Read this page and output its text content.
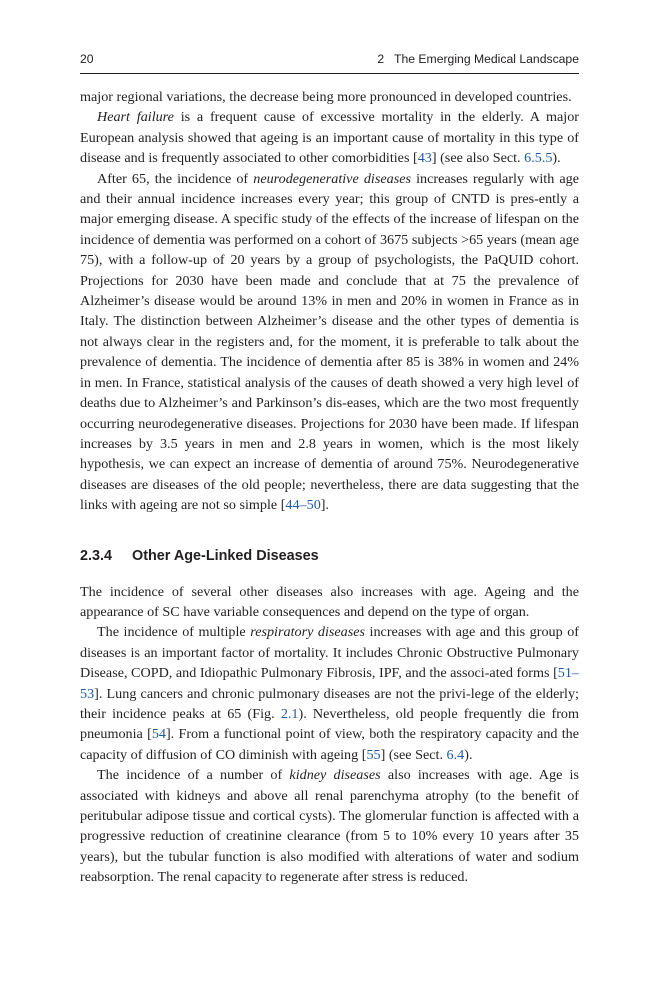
20	2   The Emerging Medical Landscape

major regional variations, the decrease being more pronounced in developed countries.

Heart failure is a frequent cause of excessive mortality in the elderly. A major European analysis showed that ageing is an important cause of mortality in this type of disease and is frequently associated to other comorbidities [43] (see also Sect. 6.5.5).

After 65, the incidence of neurodegenerative diseases increases regularly with age and their annual incidence increases every year; this group of CNTD is pres-ently a major emerging disease. A specific study of the effects of the increase of lifespan on the incidence of dementia was performed on a cohort of 3675 subjects >65 years (mean age 75), with a follow-up of 20 years by a group of psychologists, the PaQUID cohort. Projections for 2030 have been made and conclude that at 75 the prevalence of Alzheimer’s disease would be around 13% in men and 20% in women in France as in Italy. The distinction between Alzheimer’s disease and the other types of dementia is not always clear in the registers and, for the moment, it is preferable to talk about the prevalence of dementia. The incidence of dementia after 85 is 38% in women and 24% in men. In France, statistical analysis of the causes of death showed a very high level of deaths due to Alzheimer’s and Parkinson’s dis-eases, which are the two most frequently occurring neurodegenerative diseases. Projections for 2030 have been made. If lifespan increases by 3.5 years in men and 2.8 years in women, which is the most likely hypothesis, we can expect an increase of dementia of around 75%. Neurodegenerative diseases are diseases of the old people; nevertheless, there are data suggesting that the links with ageing are not so simple [44–50].

2.3.4 Other Age-Linked Diseases

The incidence of several other diseases also increases with age. Ageing and the appearance of SC have variable consequences and depend on the type of organ.

The incidence of multiple respiratory diseases increases with age and this group of diseases is an important factor of mortality. It includes Chronic Obstructive Pulmonary Disease, COPD, and Idiopathic Pulmonary Fibrosis, IPF, and the associ-ated forms [51–53]. Lung cancers and chronic pulmonary diseases are not the privi-lege of the elderly; their incidence peaks at 65 (Fig. 2.1). Nevertheless, old people frequently die from pneumonia [54]. From a functional point of view, both the respiratory capacity and the capacity of diffusion of CO diminish with ageing [55] (see Sect. 6.4).

The incidence of a number of kidney diseases also increases with age. Age is associated with kidneys and above all renal parenchyma atrophy (to the benefit of peritubular adipose tissue and cortical cysts). The glomerular function is affected with a progressive reduction of creatinine clearance (from 5 to 10% every 10 years after 35 years), but the tubular function is also modified with alterations of water and sodium reabsorption. The renal capacity to regenerate after stress is reduced.
